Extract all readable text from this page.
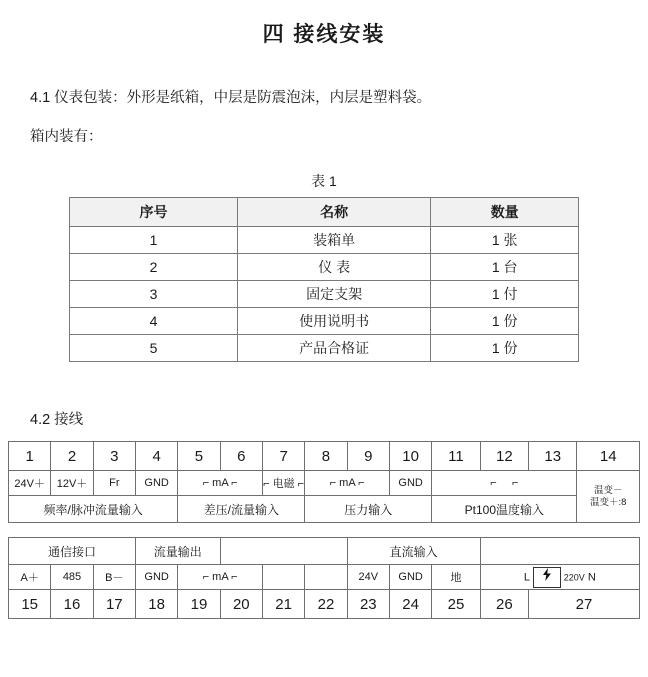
四 接线安装

4.1 仪表包装：外形是纸箱，中层是防震泡沫，内层是塑料袋。

箱内装有：

表 1
序号	名称	数量
1	装箱单	1 张
2	仪 表	1 台
3	固定支架	1 付
4	使用说明书	1 份
5	产品合格证	1 份
4.2 接线
1	2	3	4	5	6	7	8	9	10	11	12	13	14
24V＋	12V＋	Fr	GND	⌐ mA ⌐		⌐ 电磁 ⌐	⌐ mA ⌐		GND	⌐     ⌐			温变－
温变＋:8

频率/脉冲流量输入				差压/流量输入			压力输入			Pt100温度输入			

通信接口			流量输出					直流输入					
A＋	485	B－	GND	⌐ mA ⌐				24V	GND	地	L 220V N		
15	16	17	18	19	20	21	22	23	24	25	26	27	
